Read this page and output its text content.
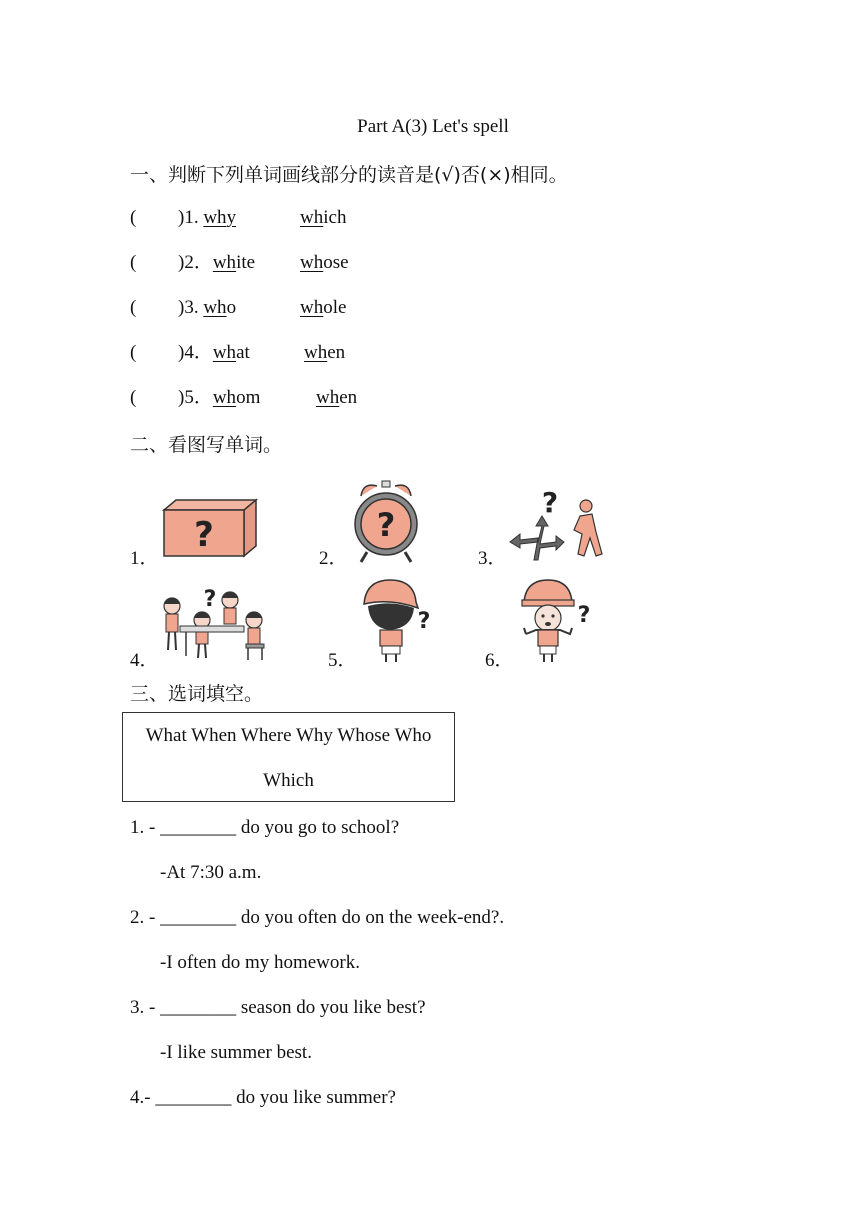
Part A(3) Let's spell
一、判断下列单词画线部分的读音是(√)否(×)相同。
( )1. why	which
( )2．white whose
( )3. who	whole
( )4．what	when
( )5．whom	when
二、看图写单词。
1．	2．	3．
4．	5．	6．
?	?
?
?
?	?
三、选词填空。
What When Where Why Whose Who
Which
1. - ________ do you go to school?
-At 7:30 a.m.
2. - ________ do you often do on the week-end?.
-I often do my homework.
3. - ________ season do you like best?
-I like summer best.
4.- ________ do you like summer?
